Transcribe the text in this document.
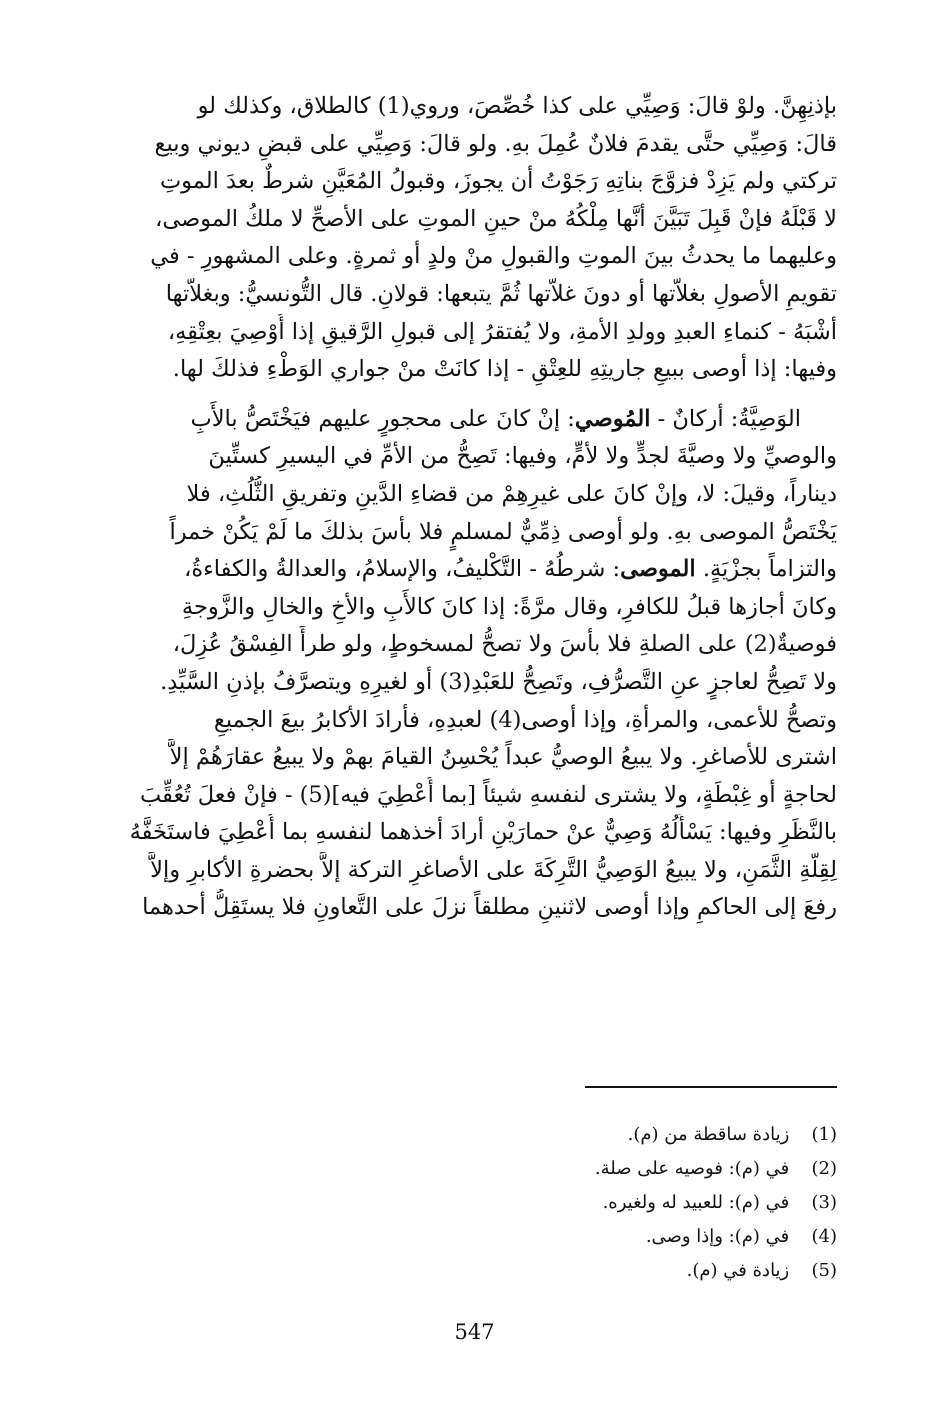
بإذنِهِنَّ. ولوْ قالَ: وَصِيِّي على كذا خُصِّصَ، وروي(1) كالطلاق، وكذلك لو
قالَ: وَصِيِّي حتَّى يقدمَ فلانٌ عُمِلَ بهِ. ولو قالَ: وَصِيِّي على قبضِ ديوني وبيع
تركتي ولم يَزِدْ فزوَّجَ بناتِهِ رَجَوْتُ أن يجوزَ، وقبولُ المُعَيَّنِ شرطٌ بعدَ الموتِ
لا قَبْلَهُ فإنْ قَبِلَ تَبَيَّنَ أنَّها مِلْكُهُ منْ حينِ الموتِ على الأصحِّ لا ملكُ الموصى،
وعليهما ما يحدثُ بينَ الموتِ والقبولِ منْ ولدٍ أو ثمرةٍ. وعلى المشهورِ - في
تقويمِ الأصولِ بغلاّتها أو دونَ غلاّتها ثُمَّ يتبعها: قولانِ. قال التُّونسيُّ: وبغلاّتها
أشْبَهُ - كنماءِ العبدِ وولدِ الأمةِ، ولا يُفتقرُ إلى قبولِ الرَّقيقِ إذا أُوْصِيَ بعِتْقِهِ،
وفيها: إذا أوصى ببيعِ جاريتِهِ للعِتْقِ - إذا كانَتْ منْ جواري الوَطْءِ فذلكَ لها.

الوَصِيَّةُ: أركانٌ - المُوصي: إنْ كانَ على محجورٍ عليهم فيَخْتَصُّ بالأَبِ
والوصيِّ ولا وصيَّةَ لجدٍّ ولا لأمٍّ، وفيها: تَصِحُّ من الأمِّ في اليسيرِ كستِّينَ
ديناراً، وقيلَ: لا، وإنْ كانَ على غيرِهِمْ من قضاءِ الدَّينِ وتفريقِ الثُّلُثِ، فلا
يَخْتَصُّ الموصى بهِ. ولو أوصى ذِمِّيٌّ لمسلمٍ فلا بأسَ بذلكَ ما لَمْ يَكُنْ خمراً
والتزاماً بجزْيَةٍ. الموصى: شرطُهُ - التَّكْليفُ، والإسلامُ، والعدالةُ والكفاءةُ،
وكانَ أجازها قبلُ للكافرِ، وقال مرَّةً: إذا كانَ كالأَبِ والأخِ والخالِ والزَّوجةِ
فوصيةٌ(2) على الصلةِ فلا بأسَ ولا تصحُّ لمسخوطٍ، ولو طرأَ الفِسْقُ عُزِلَ،
ولا تَصِحُّ لعاجزٍ عنِ التَّصرُّفِ، وتَصِحُّ للعَبْدِ(3) أو لغيرِهِ ويتصرَّفُ بإذنِ السَّيِّدِ.
وتصحُّ للأعمى، والمرأةِ، وإذا أوصى(4) لعبدِهِ، فأرادَ الأكابرُ بيعَ الجميعِ
اشترى للأصاغرِ. ولا يبيعُ الوصيُّ عبداً يُحْسِنُ القيامَ بهمْ ولا يبيعُ عقارَهُمْ إلاَّ
لحاجةٍ أو غِبْطَةٍ، ولا يشترى لنفسهِ شيئاً [بما أُعْطِيَ فيه](5) - فإنْ فعلَ تُعُقِّبَ
بالنَّظَرِ وفيها: يَسْأَلُهُ وَصِيٌّ عنْ حمارَيْنِ أرادَ أخذهما لنفسهِ بما أُعْطِيَ فاستَخَفَّهُ
لِقِلَّةِ الثَّمَنِ، ولا يبيعُ الوَصِيُّ التَّرِكَةَ على الأصاغرِ التركة إلاَّ بحضرةِ الأكابرِ وإلاَّ
رفعَ إلى الحاكمِ وإذا أوصى لاثنينِ مطلقاً نزلَ على التَّعاونِ فلا يستَقِلُّ أحدهما

(1) زيادة ساقطة من (م).
(2) في (م): فوصيه على صلة.
(3) في (م): للعبيد له ولغيره.
(4) في (م): وإذا وصى.
(5) زيادة في (م).
547
